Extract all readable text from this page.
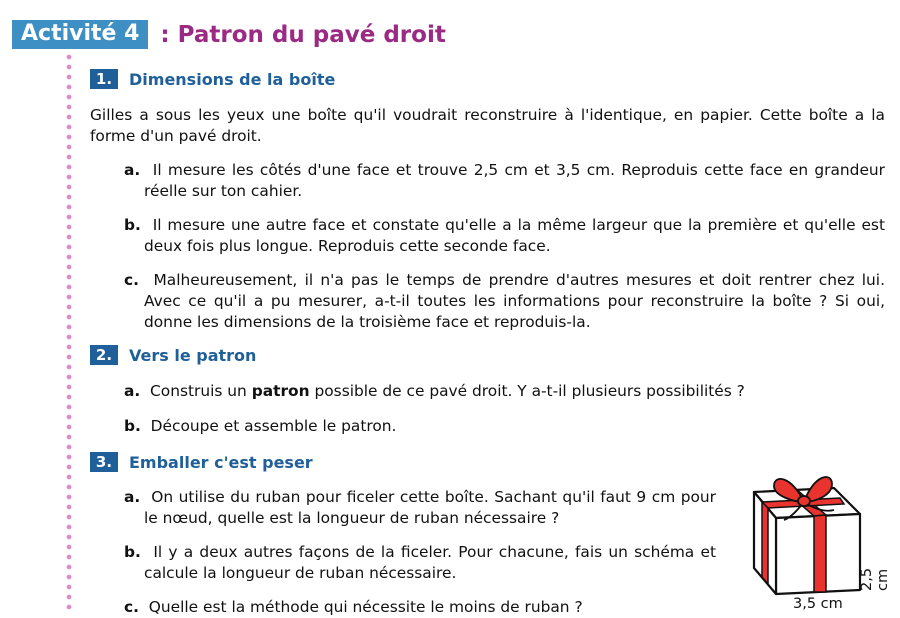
Activité 4 : Patron du pavé droit
1.	Dimensions de la boîte

Gilles a sous les yeux une boîte qu'il voudrait reconstruire à l'identique, en papier. Cette boîte a la forme d'un pavé droit.

a. Il mesure les côtés d'une face et trouve 2,5 cm et 3,5 cm. Reproduis cette face en grandeur réelle sur ton cahier.

b. Il mesure une autre face et constate qu'elle a la même largeur que la première et qu'elle est deux fois plus longue. Reproduis cette seconde face.

c. Malheureusement, il n'a pas le temps de prendre d'autres mesures et doit rentrer chez lui. Avec ce qu'il a pu mesurer, a-t-il toutes les informations pour reconstruire la boîte ? Si oui, donne les dimensions de la troisième face et reproduis-la.

2.	Vers le patron

a. Construis un patron possible de ce pavé droit. Y a-t-il plusieurs possibilités ?

b. Découpe et assemble le patron.

3.	Emballer c'est peser

a. On utilise du ruban pour ficeler cette boîte. Sachant qu'il faut 9 cm pour le nœud, quelle est la longueur de ruban nécessaire ?

b. Il y a deux autres façons de la ficeler. Pour chacune, fais un schéma et calcule la longueur de ruban nécessaire.

c. Quelle est la méthode qui nécessite le moins de ruban ?

2,5 cm
3,5 cm
